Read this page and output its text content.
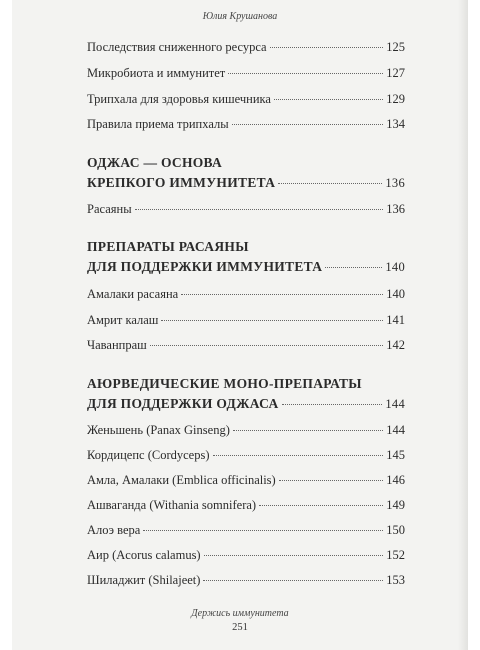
Юлия Крушанова
Последствия сниженного ресурса	125
Микробиота и иммунитет	127
Трипхала для здоровья кишечника	129
Правила приема трипхалы	134
ОДЖАС — ОСНОВА
КРЕПКОГО ИММУНИТЕТА	136
Расаяны	136
ПРЕПАРАТЫ РАСАЯНЫ
ДЛЯ ПОДДЕРЖКИ ИММУНИТЕТА	140
Амалаки расаяна	140
Амрит калаш	141
Чаванпраш	142
АЮРВЕДИЧЕСКИЕ МОНО-ПРЕПАРАТЫ
ДЛЯ ПОДДЕРЖКИ ОДЖАСА	144
Женьшень (Panax Ginseng)	144
Кордицепс (Cordyceps)	145
Амла, Амалаки (Emblica officinalis)	146
Ашваганда (Withania somnifera)	149
Алоэ вера	150
Аир (Acorus calamus)	152
Шиладжит (Shilajeet)	153
Держись иммунитета
251
